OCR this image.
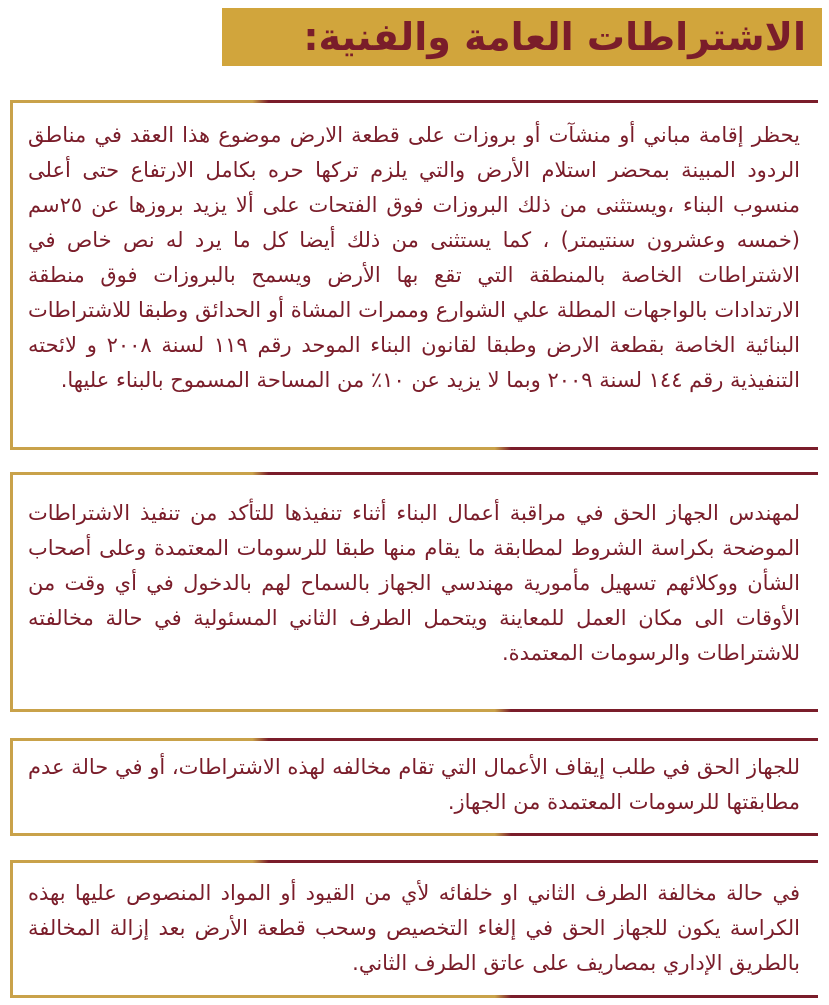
الاشتراطات العامة والفنية:
يحظر إقامة مباني أو منشآت أو بروزات على قطعة الارض موضوع هذا العقد في مناطق الردود المبينة بمحضر استلام الأرض والتي يلزم تركها حره بكامل الارتفاع حتى أعلى منسوب البناء ،ويستثنى من ذلك البروزات فوق الفتحات على ألا يزيد بروزها عن ٢٥سم (خمسه وعشرون سنتيمتر) ، كما يستثنى من ذلك أيضا كل ما يرد له نص خاص في الاشتراطات الخاصة بالمنطقة التي تقع بها الأرض ويسمح بالبروزات فوق منطقة الارتدادات بالواجهات المطلة علي الشوارع وممرات المشاة أو الحدائق وطبقا للاشتراطات البنائية الخاصة بقطعة الارض وطبقا لقانون البناء الموحد رقم ١١٩ لسنة ٢٠٠٨ و لائحته التنفيذية رقم ١٤٤ لسنة ٢٠٠٩ وبما لا يزيد عن ١٠٪ من المساحة المسموح بالبناء عليها.
لمهندس الجهاز الحق في مراقبة أعمال البناء أثناء تنفيذها للتأكد من تنفيذ الاشتراطات الموضحة بكراسة الشروط لمطابقة ما يقام منها طبقا للرسومات المعتمدة وعلى أصحاب الشأن ووكلائهم تسهيل مأمورية مهندسي الجهاز بالسماح لهم بالدخول في أي وقت من الأوقات الى مكان العمل للمعاينة ويتحمل الطرف الثاني المسئولية في حالة مخالفته للاشتراطات والرسومات المعتمدة.
للجهاز الحق في طلب إيقاف الأعمال التي تقام مخالفه لهذه الاشتراطات، أو في حالة عدم مطابقتها للرسومات المعتمدة من الجهاز.
في حالة مخالفة الطرف الثاني او خلفائه لأي من القيود أو المواد المنصوص عليها بهذه الكراسة يكون للجهاز الحق في إلغاء التخصيص وسحب قطعة الأرض بعد إزالة المخالفة بالطريق الإداري بمصاريف على عاتق الطرف الثاني.
